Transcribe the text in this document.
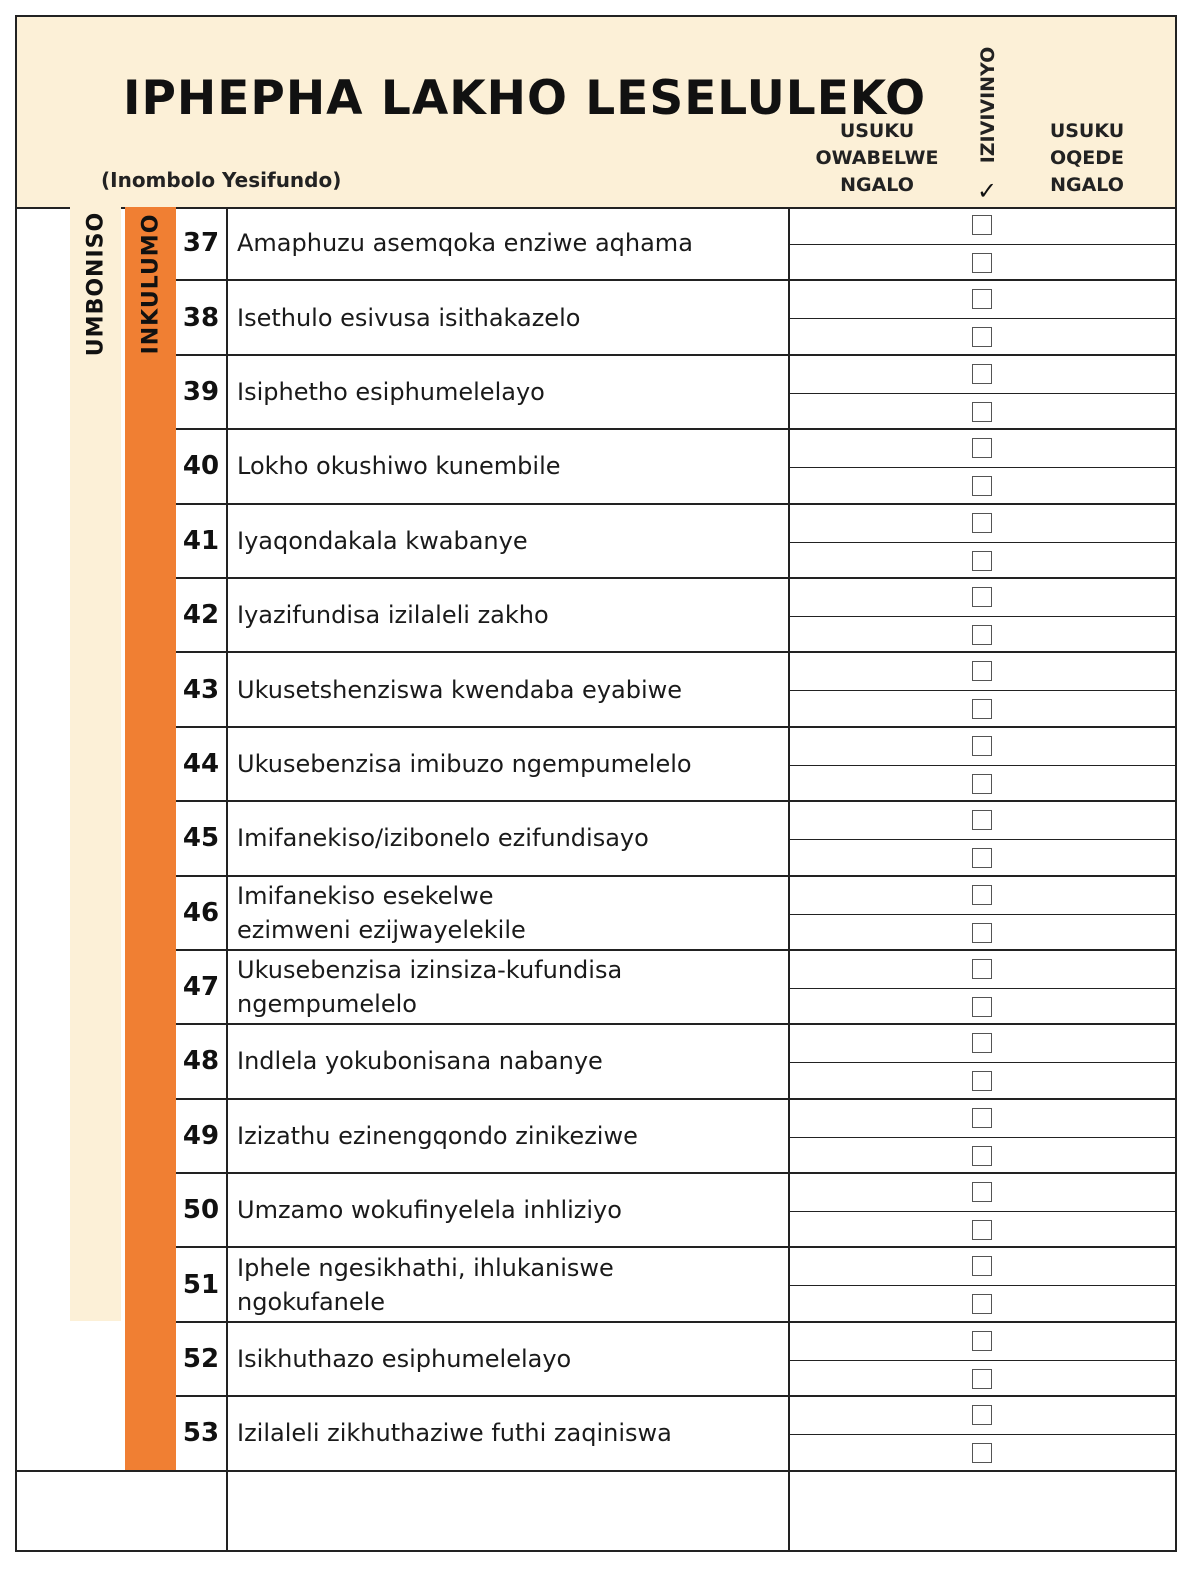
IPHEPHA LAKHO LESELULEKO
(Inombolo Yesifundo)
USUKU
OWABELWE
NGALO
IZIVIVINYO
✓
USUKU
OQEDE
NGALO
UMBONISO INKULUMO 37 Amaphuzu asemqoka enziwe aqhama
38 Isethulo esivusa isithakazelo
39 Isiphetho esiphumelelayo
40 Lokho okushiwo kunembile
41 Iyaqondakala kwabanye
42 Iyazifundisa izilaleli zakho
43 Ukusetshenziswa kwendaba eyabiwe
44 Ukusebenzisa imibuzo ngempumelelo
45 Imifanekiso/izibonelo ezifundisayo
46
Imifanekiso esekelwe
ezimweni ezijwayelekile
47
Ukusebenzisa izinsiza-kufundisa
ngempumelelo
48 Indlela yokubonisana nabanye
49 Izizathu ezinengqondo zinikeziwe
50 Umzamo wokufinyelela inhliziyo
51
Iphele ngesikhathi, ihlukaniswe
ngokufanele
52 Isikhuthazo esiphumelelayo
53 Izilaleli zikhuthaziwe futhi zaqiniswa
